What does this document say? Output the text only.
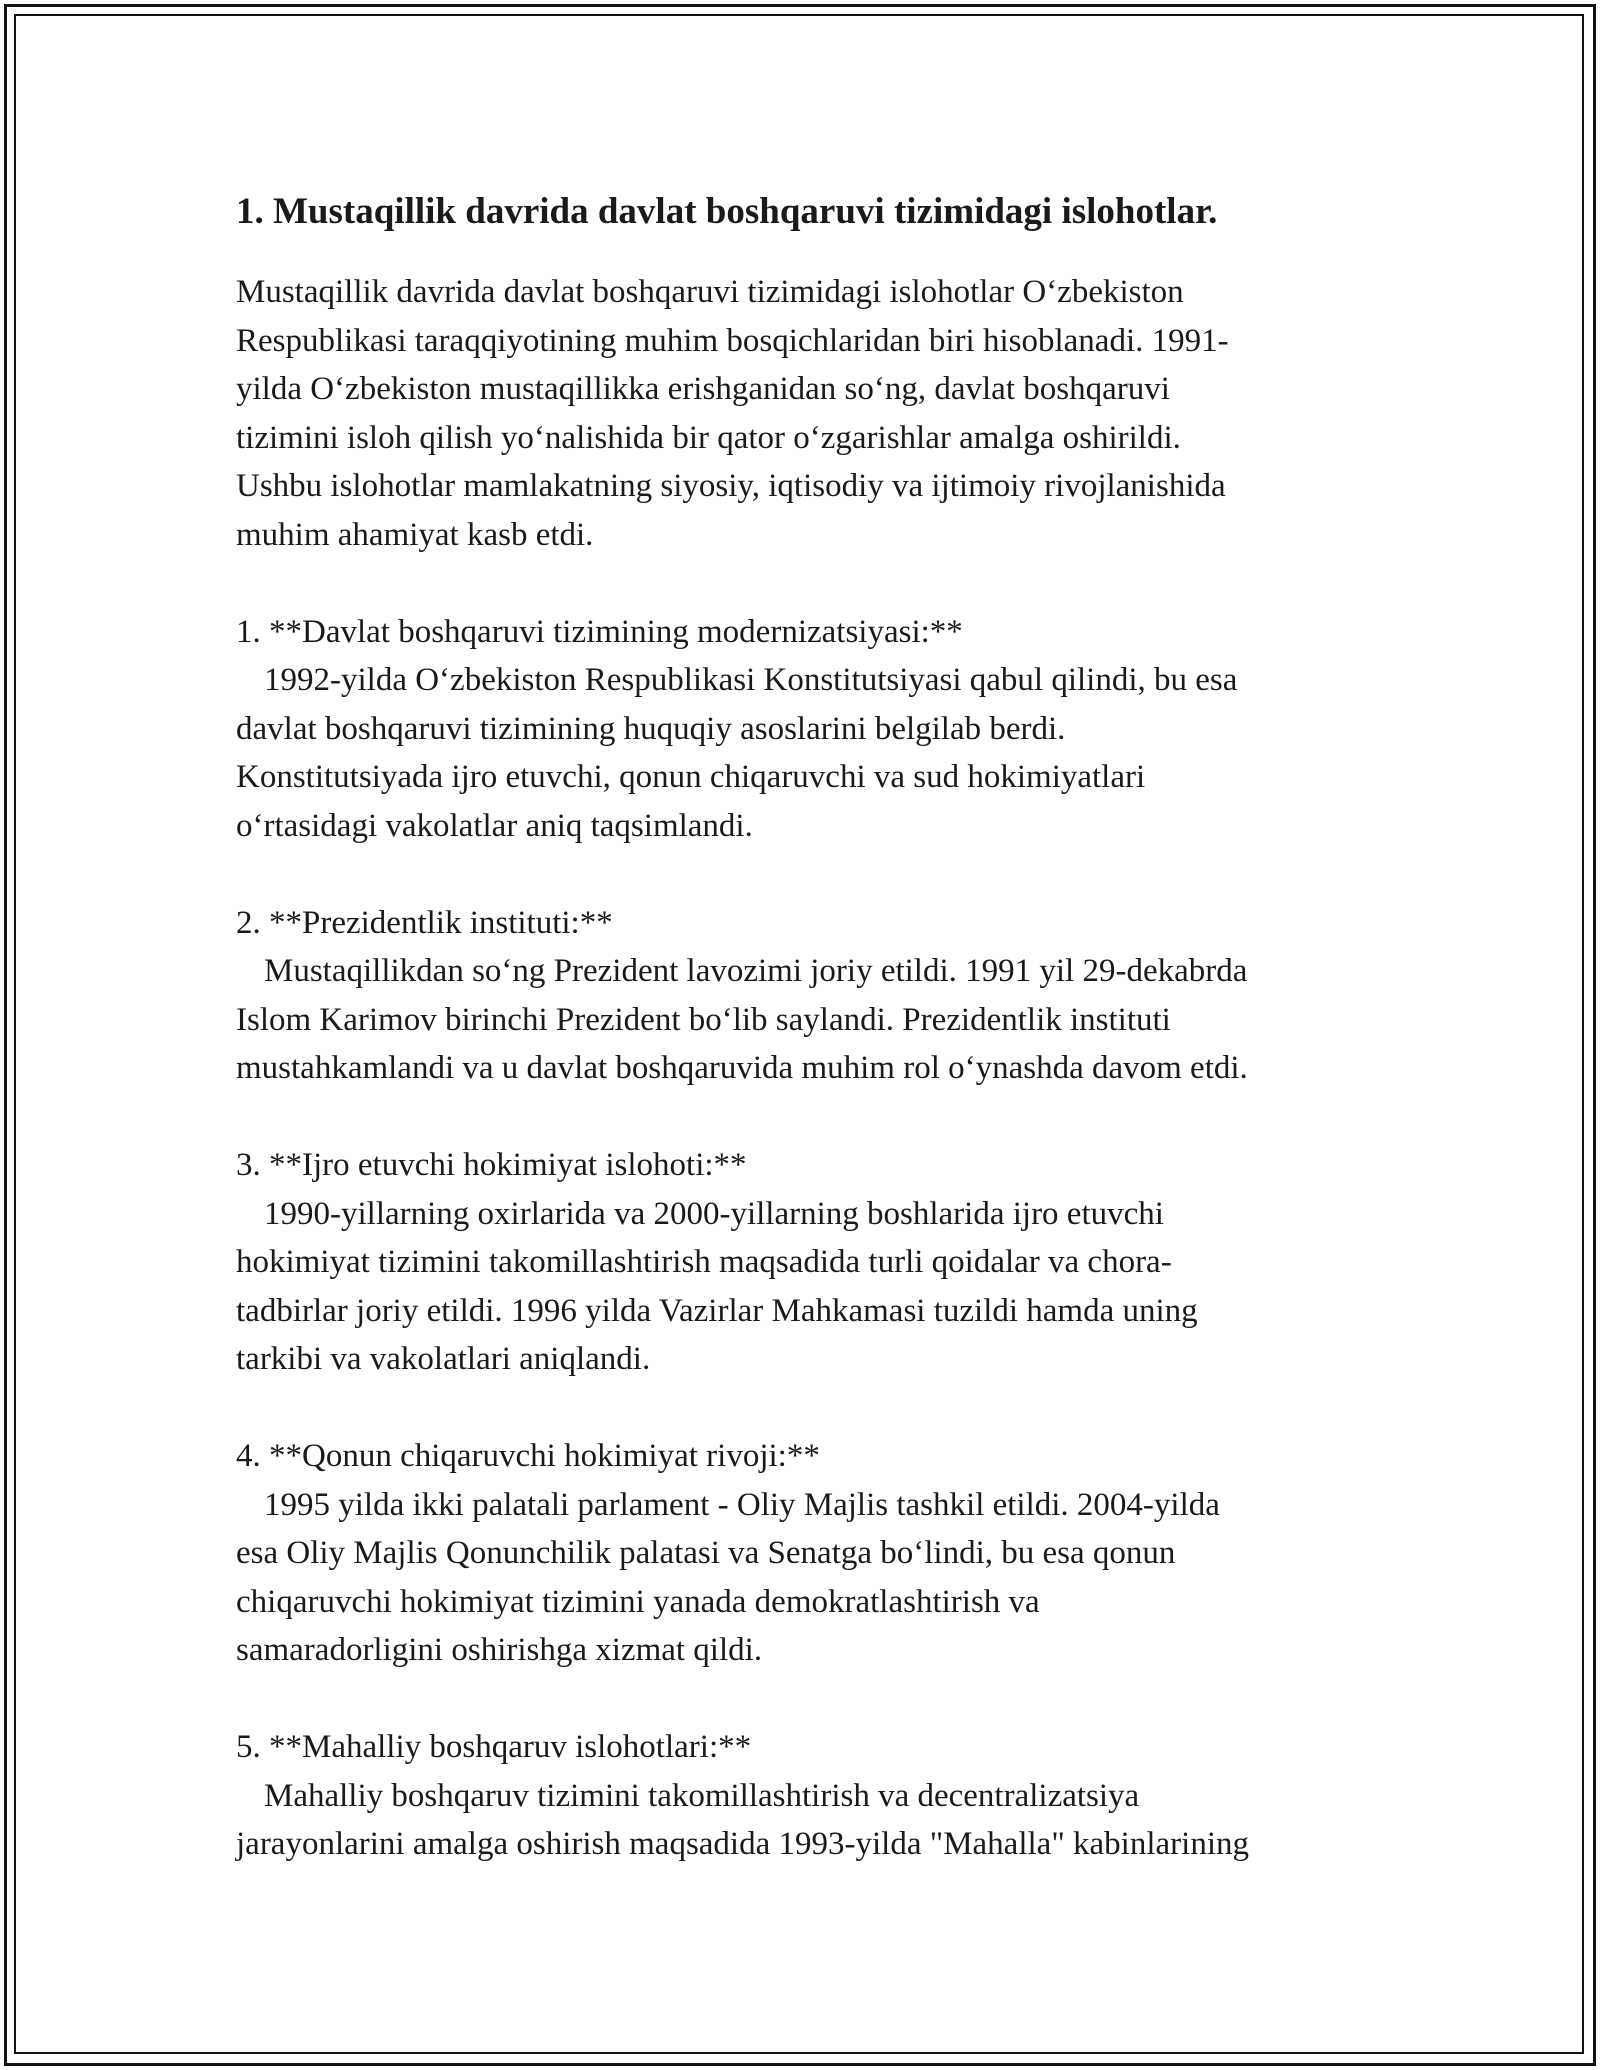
1. Mustaqillik davrida davlat boshqaruvi tizimidagi islohotlar.

Mustaqillik davrida davlat boshqaruvi tizimidagi islohotlar O‘zbekiston
Respublikasi taraqqiyotining muhim bosqichlaridan biri hisoblanadi. 1991-
yilda O‘zbekiston mustaqillikka erishganidan so‘ng, davlat boshqaruvi
tizimini isloh qilish yo‘nalishida bir qator o‘zgarishlar amalga oshirildi.
Ushbu islohotlar mamlakatning siyosiy, iqtisodiy va ijtimoiy rivojlanishida
muhim ahamiyat kasb etdi.

1. **Davlat boshqaruvi tizimining modernizatsiyasi:**

1992-yilda O‘zbekiston Respublikasi Konstitutsiyasi qabul qilindi, bu esa
davlat boshqaruvi tizimining huquqiy asoslarini belgilab berdi.
Konstitutsiyada ijro etuvchi, qonun chiqaruvchi va sud hokimiyatlari
o‘rtasidagi vakolatlar aniq taqsimlandi.

2. **Prezidentlik instituti:**

Mustaqillikdan so‘ng Prezident lavozimi joriy etildi. 1991 yil 29-dekabrda
Islom Karimov birinchi Prezident bo‘lib saylandi. Prezidentlik instituti
mustahkamlandi va u davlat boshqaruvida muhim rol o‘ynashda davom etdi.

3. **Ijro etuvchi hokimiyat islohoti:**

1990-yillarning oxirlarida va 2000-yillarning boshlarida ijro etuvchi
hokimiyat tizimini takomillashtirish maqsadida turli qoidalar va chora-
tadbirlar joriy etildi. 1996 yilda Vazirlar Mahkamasi tuzildi hamda uning
tarkibi va vakolatlari aniqlandi.

4. **Qonun chiqaruvchi hokimiyat rivoji:**

1995 yilda ikki palatali parlament - Oliy Majlis tashkil etildi. 2004-yilda
esa Oliy Majlis Qonunchilik palatasi va Senatga bo‘lindi, bu esa qonun
chiqaruvchi hokimiyat tizimini yanada demokratlashtirish va
samaradorligini oshirishga xizmat qildi.

5. **Mahalliy boshqaruv islohotlari:**

Mahalliy boshqaruv tizimini takomillashtirish va decentralizatsiya
jarayonlarini amalga oshirish maqsadida 1993-yilda "Mahalla" kabinlarining
